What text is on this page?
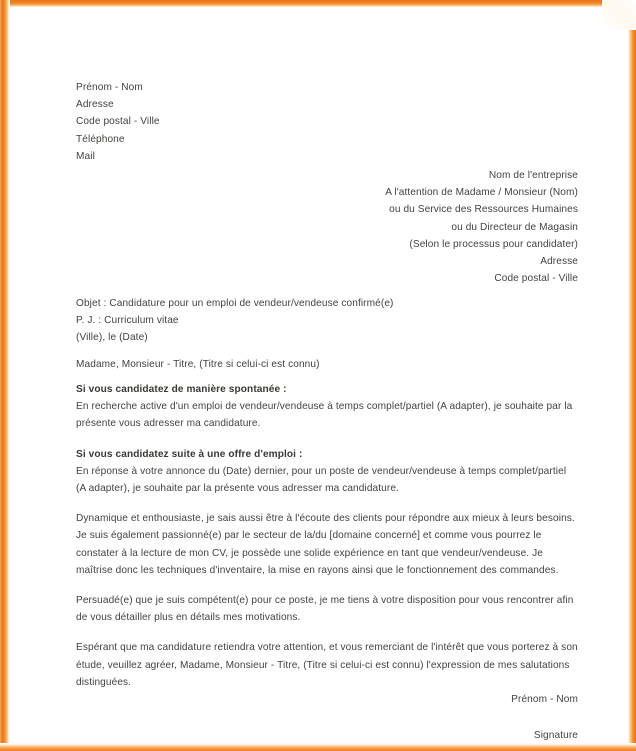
Prénom - Nom
Adresse
Code postal - Ville
Téléphone
Mail
Nom de l'entreprise
A l'attention de Madame / Monsieur (Nom)
ou du Service des Ressources Humaines
ou du Directeur de Magasin
(Selon le processus pour candidater)
Adresse
Code postal - Ville
Objet : Candidature pour un emploi de vendeur/vendeuse confirmé(e)
P. J. : Curriculum vitae
(Ville), le (Date)
Madame, Monsieur - Titre, (Titre si celui-ci est connu)
Si vous candidatez de manière spontanée :
En recherche active d'un emploi de vendeur/vendeuse à temps complet/partiel (A adapter), je souhaite par la présente vous adresser ma candidature.
Si vous candidatez suite à une offre d'emploi :
En réponse à votre annonce du (Date) dernier, pour un poste de vendeur/vendeuse à temps complet/partiel (A adapter), je souhaite par la présente vous adresser ma candidature.
Dynamique et enthousiaste, je sais aussi être à l'écoute des clients pour répondre aux mieux à leurs besoins. Je suis également passionné(e) par le secteur de la/du [domaine concerné] et comme vous pourrez le constater à la lecture de mon CV, je possède une solide expérience en tant que vendeur/vendeuse. Je maîtrise donc les techniques d'inventaire, la mise en rayons ainsi que le fonctionnement des commandes.
Persuadé(e) que je suis compétent(e) pour ce poste, je me tiens à votre disposition pour vous rencontrer afin de vous détailler plus en détails mes motivations.
Espérant que ma candidature retiendra votre attention, et vous remerciant de l'intérêt que vous porterez à son étude, veuillez agréer, Madame, Monsieur - Titre, (Titre si celui-ci est connu) l'expression de mes salutations distinguées.
Prénom - Nom
Signature
